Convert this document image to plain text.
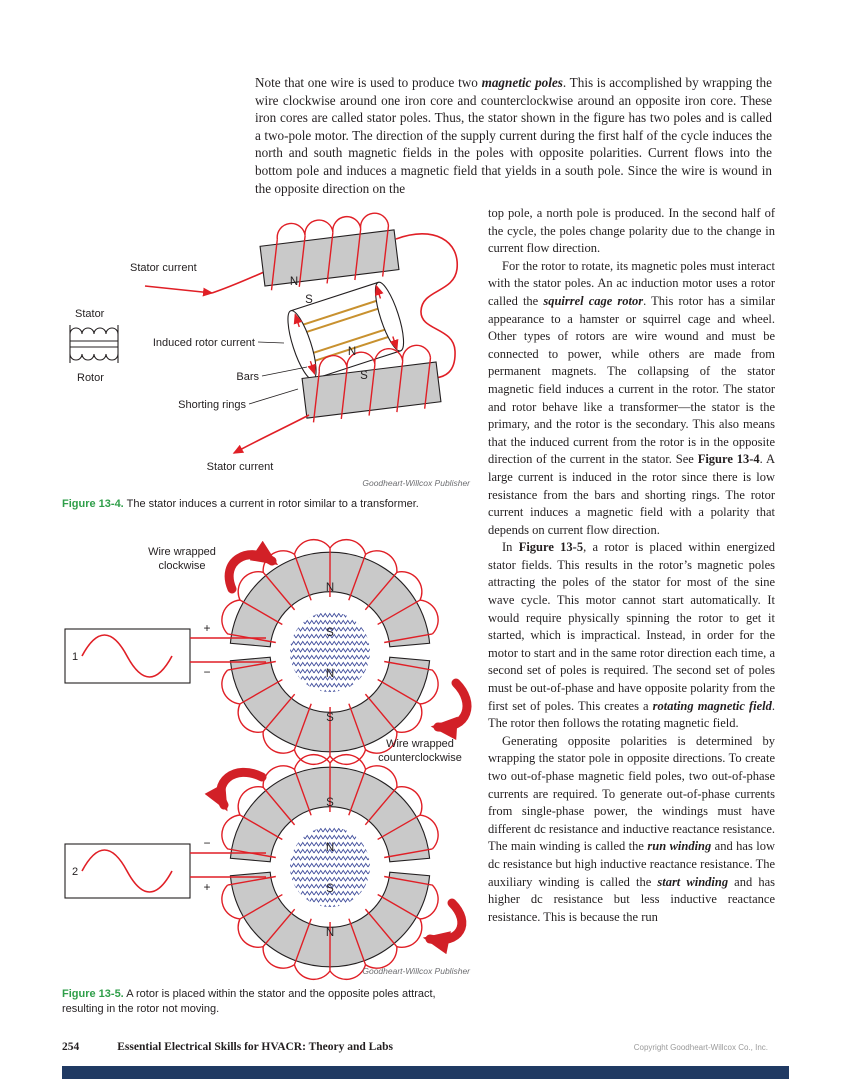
Note that one wire is used to produce two magnetic poles. This is accomplished by wrapping the wire clockwise around one iron core and counterclockwise around an opposite iron core. These iron cores are called stator poles. Thus, the stator shown in the figure has two poles and is called a two-pole motor. The direction of the supply current during the first half of the cycle induces the north and south magnetic fields in the poles with opposite polarities. Current flows into the bottom pole and induces a magnetic field that yields in a south pole. Since the wire is wound in the opposite direction on the

top pole, a north pole is produced. In the second half of the cycle, the poles change polarity due to the change in current flow direction.

For the rotor to rotate, its magnetic poles must interact with the stator poles. An ac induction motor uses a rotor called the squirrel cage rotor. This rotor has a similar appearance to a hamster or squirrel cage and wheel. Other types of rotors are wire wound and must be connected to power, while others are made from permanent magnets. The collapsing of the stator magnetic field induces a current in the rotor. The stator and rotor behave like a transformer—the stator is the primary, and the rotor is the secondary. This also means that the induced current from the rotor is in the opposite direction of the current in the stator. See Figure 13-4. A large current is induced in the rotor since there is low resistance from the bars and shorting rings. The rotor current induces a magnetic field with a polarity that depends on current flow direction.

In Figure 13-5, a rotor is placed within energized stator fields. This results in the rotor’s magnetic poles attracting the poles of the stator for most of the sine wave cycle. This motor cannot start automatically. It would require physically spinning the rotor to get it started, which is impractical. Instead, in order for the motor to start and in the same rotor direction each time, a second set of poles is required. The second set of poles must be out-of-phase and have opposite polarity from the first set of poles. This creates a rotating magnetic field. The rotor then follows the rotating magnetic field.

Generating opposite polarities is determined by wrapping the stator pole in opposite directions. To create two out-of-phase magnetic field poles, two out-of-phase currents are required. To generate out-of-phase currents from single-phase power, the windings must have different dc resistance and inductive reactance resistance. The main winding is called the run winding and has low dc resistance but high inductive reactance resistance. The auxiliary winding is called the start winding and has higher dc resistance but less inductive reactance resistance. This is because the run

Stator current
Stator
Rotor
Induced rotor current
Bars
Shorting rings
Stator current
N
S
N
S
Goodheart-Willcox Publisher

Figure 13-4. The stator induces a current in rotor similar to a transformer.

1
+
−
Wire wrapped
clockwise
Wire wrapped
counterclockwise
N
S
N
S
2
−
+
S
N
S
N
Goodheart-Willcox Publisher

Figure 13-5. A rotor is placed within the stator and the opposite poles attract, resulting in the rotor not moving.

254	Essential Electrical Skills for HVACR: Theory and Labs	Copyright Goodheart-Willcox Co., Inc.
